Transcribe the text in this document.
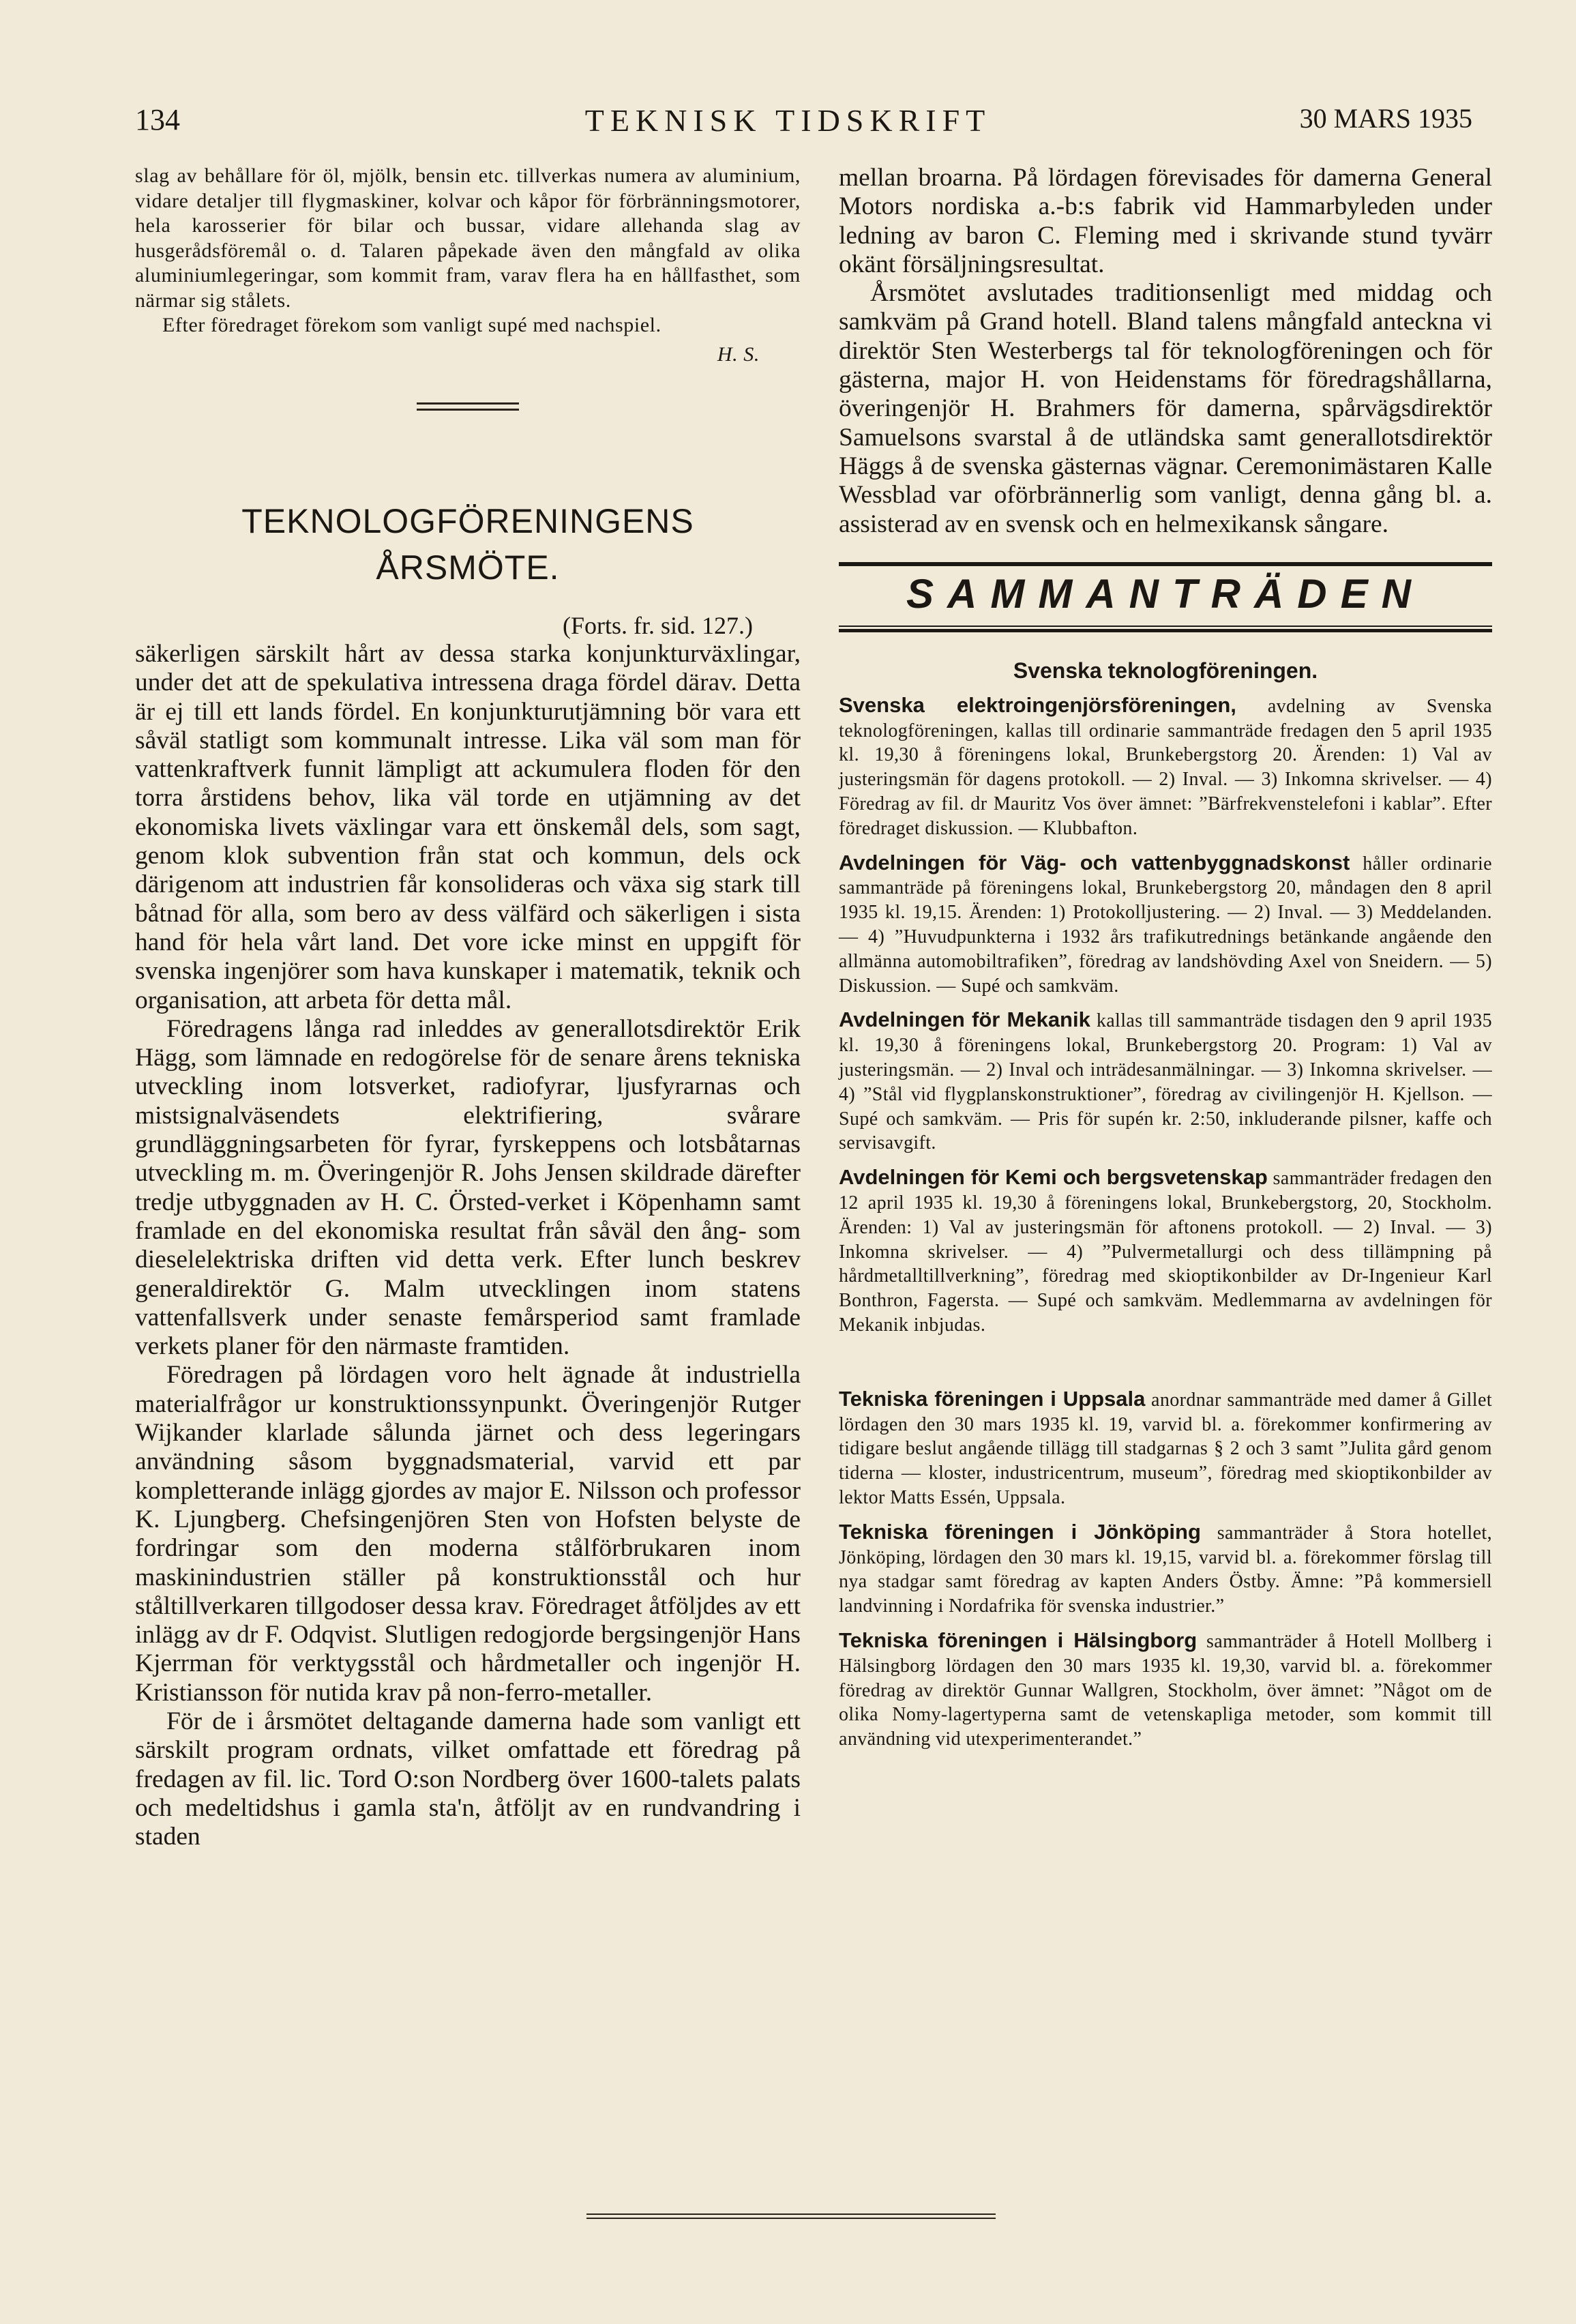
134	TEKNISK TIDSKRIFT	30 MARS 1935

slag av behållare för öl, mjölk, bensin etc. tillverkas numera av aluminium, vidare detaljer till flygmaskiner, kolvar och kåpor för förbränningsmotorer, hela karosserier för bilar och bussar, vidare allehanda slag av husgerådsföremål o. d. Talaren påpekade även den mångfald av olika aluminiumlegeringar, som kommit fram, varav flera ha en hållfasthet, som närmar sig stålets.

Efter föredraget förekom som vanligt supé med nachspiel.

H. S.
TEKNOLOGFÖRENINGENS
ÅRSMÖTE.
(Forts. fr. sid. 127.)

säkerligen särskilt hårt av dessa starka konjunkturväxlingar, under det att de spekulativa intressena draga fördel därav. Detta är ej till ett lands fördel. En konjunkturutjämning bör vara ett såväl statligt som kommunalt intresse. Lika väl som man för vattenkraftverk funnit lämpligt att ackumulera floden för den torra årstidens behov, lika väl torde en utjämning av det ekonomiska livets växlingar vara ett önskemål dels, som sagt, genom klok subvention från stat och kommun, dels ock därigenom att industrien får konsolideras och växa sig stark till båtnad för alla, som bero av dess välfärd och säkerligen i sista hand för hela vårt land. Det vore icke minst en uppgift för svenska ingenjörer som hava kunskaper i matematik, teknik och organisation, att arbeta för detta mål.

Föredragens långa rad inleddes av generallotsdirektör Erik Hägg, som lämnade en redogörelse för de senare årens tekniska utveckling inom lotsverket, radiofyrar, ljusfyrarnas och mistsignalväsendets elektrifiering, svårare grundläggningsarbeten för fyrar, fyrskeppens och lotsbåtarnas utveckling m. m. Överingenjör R. Johs Jensen skildrade därefter tredje utbyggnaden av H. C. Örsted-verket i Köpenhamn samt framlade en del ekonomiska resultat från såväl den ång- som dieselelektriska driften vid detta verk. Efter lunch beskrev generaldirektör G. Malm utvecklingen inom statens vattenfallsverk under senaste femårsperiod samt framlade verkets planer för den närmaste framtiden.

Föredragen på lördagen voro helt ägnade åt industriella materialfrågor ur konstruktionssynpunkt. Överingenjör Rutger Wijkander klarlade sålunda järnet och dess legeringars användning såsom byggnadsmaterial, varvid ett par kompletterande inlägg gjordes av major E. Nilsson och professor K. Ljungberg. Chefsingenjören Sten von Hofsten belyste de fordringar som den moderna stålförbrukaren inom maskinindustrien ställer på konstruktionsstål och hur ståltillverkaren tillgodoser dessa krav. Föredraget åtföljdes av ett inlägg av dr F. Odqvist. Slutligen redogjorde bergsingenjör Hans Kjerrman för verktygsstål och hårdmetaller och ingenjör H. Kristiansson för nutida krav på non-ferro-metaller.

För de i årsmötet deltagande damerna hade som vanligt ett särskilt program ordnats, vilket omfattade ett föredrag på fredagen av fil. lic. Tord O:son Nordberg över 1600-talets palats och medeltidshus i gamla sta'n, åtföljt av en rundvandring i staden

mellan broarna. På lördagen förevisades för damerna General Motors nordiska a.-b:s fabrik vid Hammarbyleden under ledning av baron C. Fleming med i skrivande stund tyvärr okänt försäljningsresultat.

Årsmötet avslutades traditionsenligt med middag och samkväm på Grand hotell. Bland talens mångfald anteckna vi direktör Sten Westerbergs tal för teknologföreningen och för gästerna, major H. von Heidenstams för föredragshållarna, överingenjör H. Brahmers för damerna, spårvägsdirektör Samuelsons svarstal å de utländska samt generallotsdirektör Häggs å de svenska gästernas vägnar. Ceremonimästaren Kalle Wessblad var oförbrännerlig som vanligt, denna gång bl. a. assisterad av en svensk och en helmexikansk sångare.

SAMMANTRÄDEN
Svenska teknologföreningen.

Svenska elektroingenjörsföreningen, avdelning av Svenska teknologföreningen, kallas till ordinarie sammanträde fredagen den 5 april 1935 kl. 19,30 å föreningens lokal, Brunkebergstorg 20. Ärenden: 1) Val av justeringsmän för dagens protokoll. — 2) Inval. — 3) Inkomna skrivelser. — 4) Föredrag av fil. dr Mauritz Vos över ämnet: ”Bärfrekvenstelefoni i kablar”. Efter föredraget diskussion. — Klubbafton.

Avdelningen för Väg- och vattenbyggnadskonst håller ordinarie sammanträde på föreningens lokal, Brunkebergstorg 20, måndagen den 8 april 1935 kl. 19,15. Ärenden: 1) Protokolljustering. — 2) Inval. — 3) Meddelanden. — 4) ”Huvudpunkterna i 1932 års trafikutrednings betänkande angående den allmänna automobiltrafiken”, föredrag av landshövding Axel von Sneidern. — 5) Diskussion. — Supé och samkväm.

Avdelningen för Mekanik kallas till sammanträde tisdagen den 9 april 1935 kl. 19,30 å föreningens lokal, Brunkebergstorg 20. Program: 1) Val av justeringsmän. — 2) Inval och inträdesanmälningar. — 3) Inkomna skrivelser. — 4) ”Stål vid flygplanskonstruktioner”, föredrag av civilingenjör H. Kjellson. — Supé och samkväm. — Pris för supén kr. 2:50, inkluderande pilsner, kaffe och servisavgift.

Avdelningen för Kemi och bergsvetenskap sammanträder fredagen den 12 april 1935 kl. 19,30 å föreningens lokal, Brunkebergstorg, 20, Stockholm. Ärenden: 1) Val av justeringsmän för aftonens protokoll. — 2) Inval. — 3) Inkomna skrivelser. — 4) ”Pulvermetallurgi och dess tillämpning på hårdmetalltillverkning”, föredrag med skioptikonbilder av Dr-Ingenieur Karl Bonthron, Fagersta. — Supé och samkväm. Medlemmarna av avdelningen för Mekanik inbjudas.

Tekniska föreningen i Uppsala anordnar sammanträde med damer å Gillet lördagen den 30 mars 1935 kl. 19, varvid bl. a. förekommer konfirmering av tidigare beslut angående tillägg till stadgarnas § 2 och 3 samt ”Julita gård genom tiderna — kloster, industricentrum, museum”, föredrag med skioptikonbilder av lektor Matts Essén, Uppsala.

Tekniska föreningen i Jönköping sammanträder å Stora hotellet, Jönköping, lördagen den 30 mars kl. 19,15, varvid bl. a. förekommer förslag till nya stadgar samt föredrag av kapten Anders Östby. Ämne: ”På kommersiell landvinning i Nordafrika för svenska industrier.”

Tekniska föreningen i Hälsingborg sammanträder å Hotell Mollberg i Hälsingborg lördagen den 30 mars 1935 kl. 19,30, varvid bl. a. förekommer föredrag av direktör Gunnar Wallgren, Stockholm, över ämnet: ”Något om de olika Nomy-lagertyperna samt de vetenskapliga metoder, som kommit till användning vid utexperimenterandet.”
